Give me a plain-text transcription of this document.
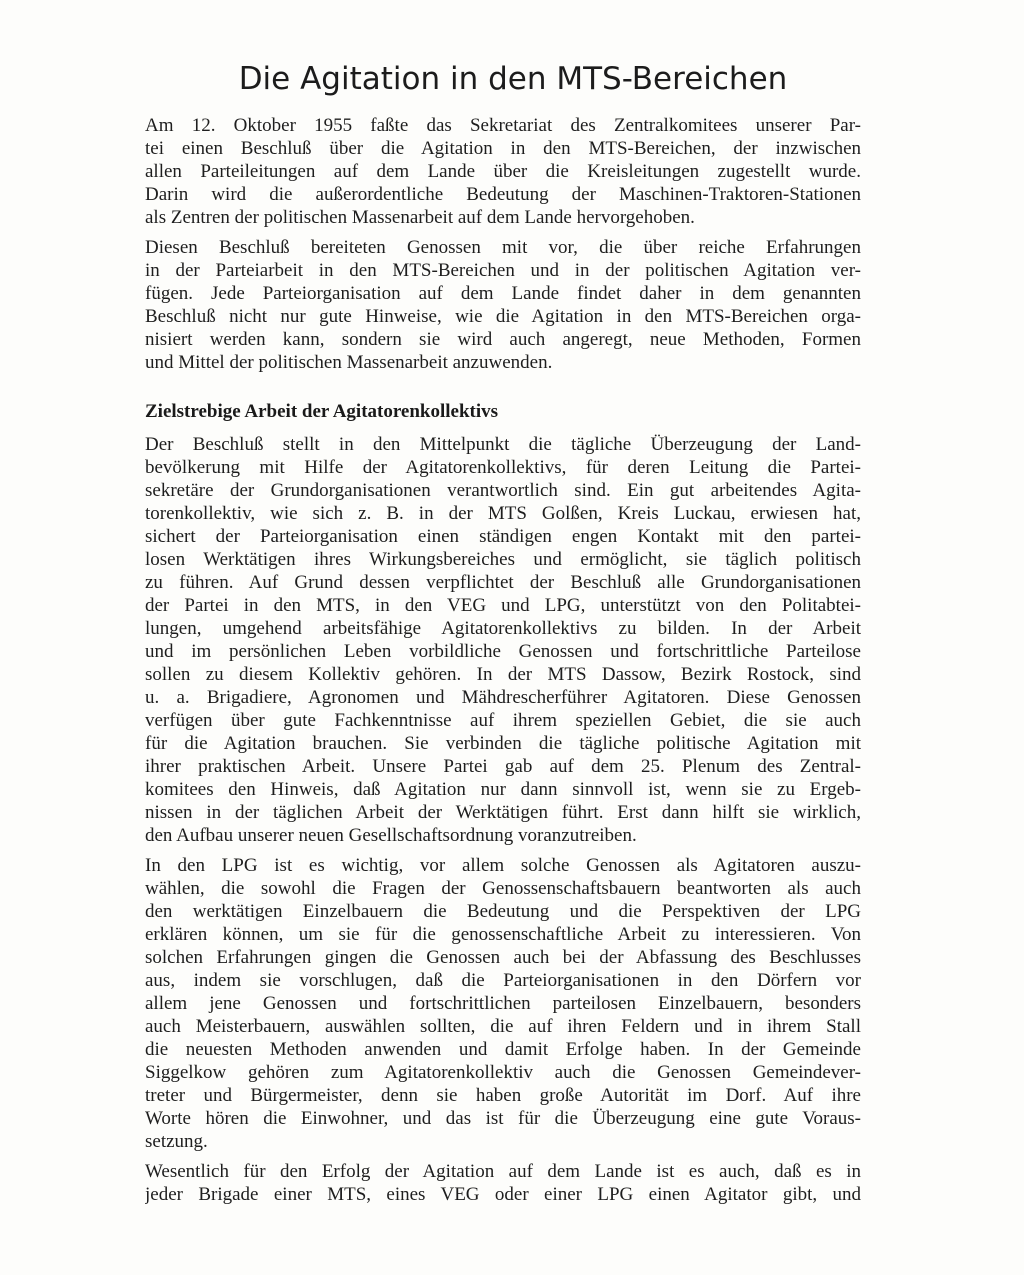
Die Agitation in den MTS-Bereichen
Am 12. Oktober 1955 faßte das Sekretariat des Zentralkomitees unserer Par-
tei einen Beschluß über die Agitation in den MTS-Bereichen, der inzwischen
allen Parteileitungen auf dem Lande über die Kreisleitungen zugestellt wurde.
Darin wird die außerordentliche Bedeutung der Maschinen-Traktoren-Stationen
als Zentren der politischen Massenarbeit auf dem Lande hervorgehoben.
Diesen Beschluß bereiteten Genossen mit vor, die über reiche Erfahrungen
in der Parteiarbeit in den MTS-Bereichen und in der politischen Agitation ver-
fügen. Jede Parteiorganisation auf dem Lande findet daher in dem genannten
Beschluß nicht nur gute Hinweise, wie die Agitation in den MTS-Bereichen orga-
nisiert werden kann, sondern sie wird auch angeregt, neue Methoden, Formen
und Mittel der politischen Massenarbeit anzuwenden.
Zielstrebige Arbeit der Agitatorenkollektivs
Der Beschluß stellt in den Mittelpunkt die tägliche Überzeugung der Land-
bevölkerung mit Hilfe der Agitatorenkollektivs, für deren Leitung die Partei-
sekretäre der Grundorganisationen verantwortlich sind. Ein gut arbeitendes Agita-
torenkollektiv, wie sich z. B. in der MTS Golßen, Kreis Luckau, erwiesen hat,
sichert der Parteiorganisation einen ständigen engen Kontakt mit den partei-
losen Werktätigen ihres Wirkungsbereiches und ermöglicht, sie täglich politisch
zu führen. Auf Grund dessen verpflichtet der Beschluß alle Grundorganisationen
der Partei in den MTS, in den VEG und LPG, unterstützt von den Politabtei-
lungen, umgehend arbeitsfähige Agitatorenkollektivs zu bilden. In der Arbeit
und im persönlichen Leben vorbildliche Genossen und fortschrittliche Parteilose
sollen zu diesem Kollektiv gehören. In der MTS Dassow, Bezirk Rostock, sind
u. a. Brigadiere, Agronomen und Mähdrescherführer Agitatoren. Diese Genossen
verfügen über gute Fachkenntnisse auf ihrem speziellen Gebiet, die sie auch
für die Agitation brauchen. Sie verbinden die tägliche politische Agitation mit
ihrer praktischen Arbeit. Unsere Partei gab auf dem 25. Plenum des Zentral-
komitees den Hinweis, daß Agitation nur dann sinnvoll ist, wenn sie zu Ergeb-
nissen in der täglichen Arbeit der Werktätigen führt. Erst dann hilft sie wirklich,
den Aufbau unserer neuen Gesellschaftsordnung voranzutreiben.
In den LPG ist es wichtig, vor allem solche Genossen als Agitatoren auszu-
wählen, die sowohl die Fragen der Genossenschaftsbauern beantworten als auch
den werktätigen Einzelbauern die Bedeutung und die Perspektiven der LPG
erklären können, um sie für die genossenschaftliche Arbeit zu interessieren. Von
solchen Erfahrungen gingen die Genossen auch bei der Abfassung des Beschlusses
aus, indem sie vorschlugen, daß die Parteiorganisationen in den Dörfern vor
allem jene Genossen und fortschrittlichen parteilosen Einzelbauern, besonders
auch Meisterbauern, auswählen sollten, die auf ihren Feldern und in ihrem Stall
die neuesten Methoden anwenden und damit Erfolge haben. In der Gemeinde
Siggelkow gehören zum Agitatorenkollektiv auch die Genossen Gemeindever-
treter und Bürgermeister, denn sie haben große Autorität im Dorf. Auf ihre
Worte hören die Einwohner, und das ist für die Überzeugung eine gute Voraus-
setzung.
Wesentlich für den Erfolg der Agitation auf dem Lande ist es auch, daß es in
jeder Brigade einer MTS, eines VEG oder einer LPG einen Agitator gibt, und
